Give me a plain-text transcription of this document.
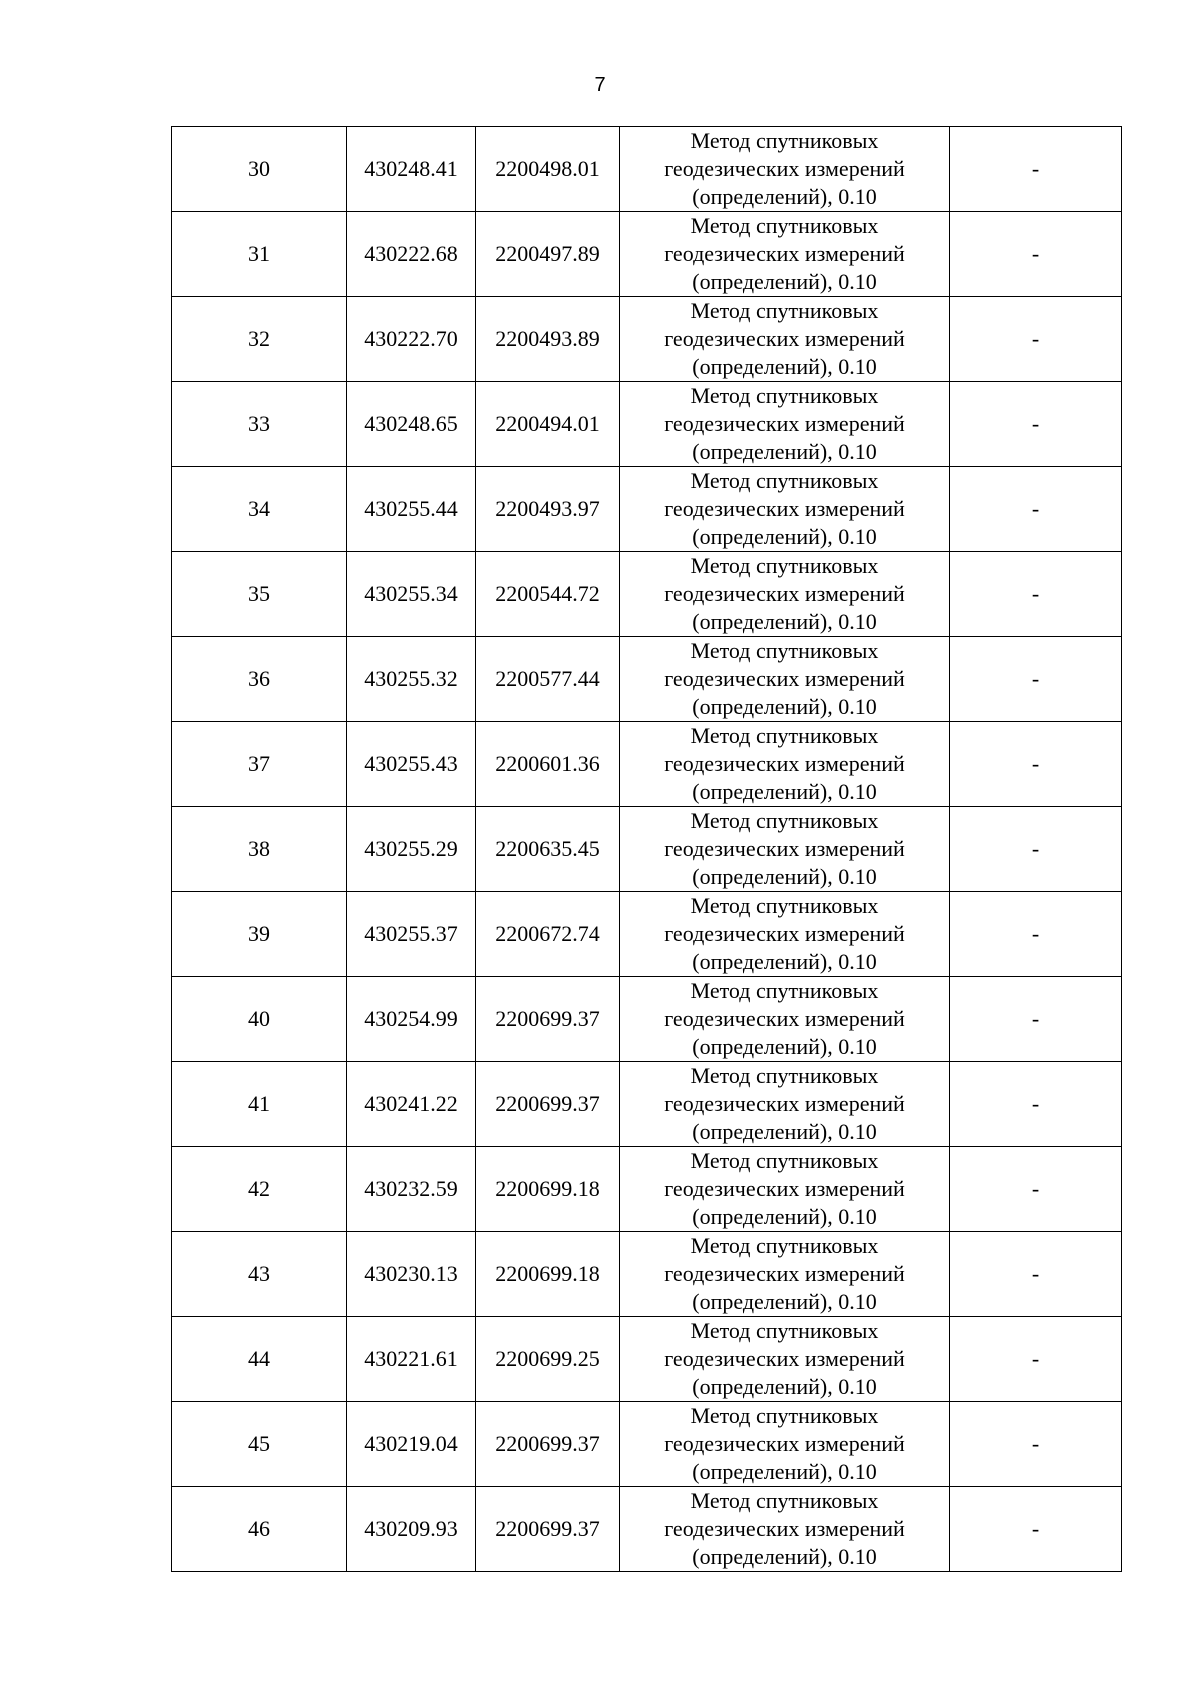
7
30	430248.41	2200498.01	Метод спутниковых
геодезических измерений
(определений), 0.10	-
31	430222.68	2200497.89	Метод спутниковых
геодезических измерений
(определений), 0.10	-
32	430222.70	2200493.89	Метод спутниковых
геодезических измерений
(определений), 0.10	-
33	430248.65	2200494.01	Метод спутниковых
геодезических измерений
(определений), 0.10	-
34	430255.44	2200493.97	Метод спутниковых
геодезических измерений
(определений), 0.10	-
35	430255.34	2200544.72	Метод спутниковых
геодезических измерений
(определений), 0.10	-
36	430255.32	2200577.44	Метод спутниковых
геодезических измерений
(определений), 0.10	-
37	430255.43	2200601.36	Метод спутниковых
геодезических измерений
(определений), 0.10	-
38	430255.29	2200635.45	Метод спутниковых
геодезических измерений
(определений), 0.10	-
39	430255.37	2200672.74	Метод спутниковых
геодезических измерений
(определений), 0.10	-
40	430254.99	2200699.37	Метод спутниковых
геодезических измерений
(определений), 0.10	-
41	430241.22	2200699.37	Метод спутниковых
геодезических измерений
(определений), 0.10	-
42	430232.59	2200699.18	Метод спутниковых
геодезических измерений
(определений), 0.10	-
43	430230.13	2200699.18	Метод спутниковых
геодезических измерений
(определений), 0.10	-
44	430221.61	2200699.25	Метод спутниковых
геодезических измерений
(определений), 0.10	-
45	430219.04	2200699.37	Метод спутниковых
геодезических измерений
(определений), 0.10	-
46	430209.93	2200699.37	Метод спутниковых
геодезических измерений
(определений), 0.10	-
